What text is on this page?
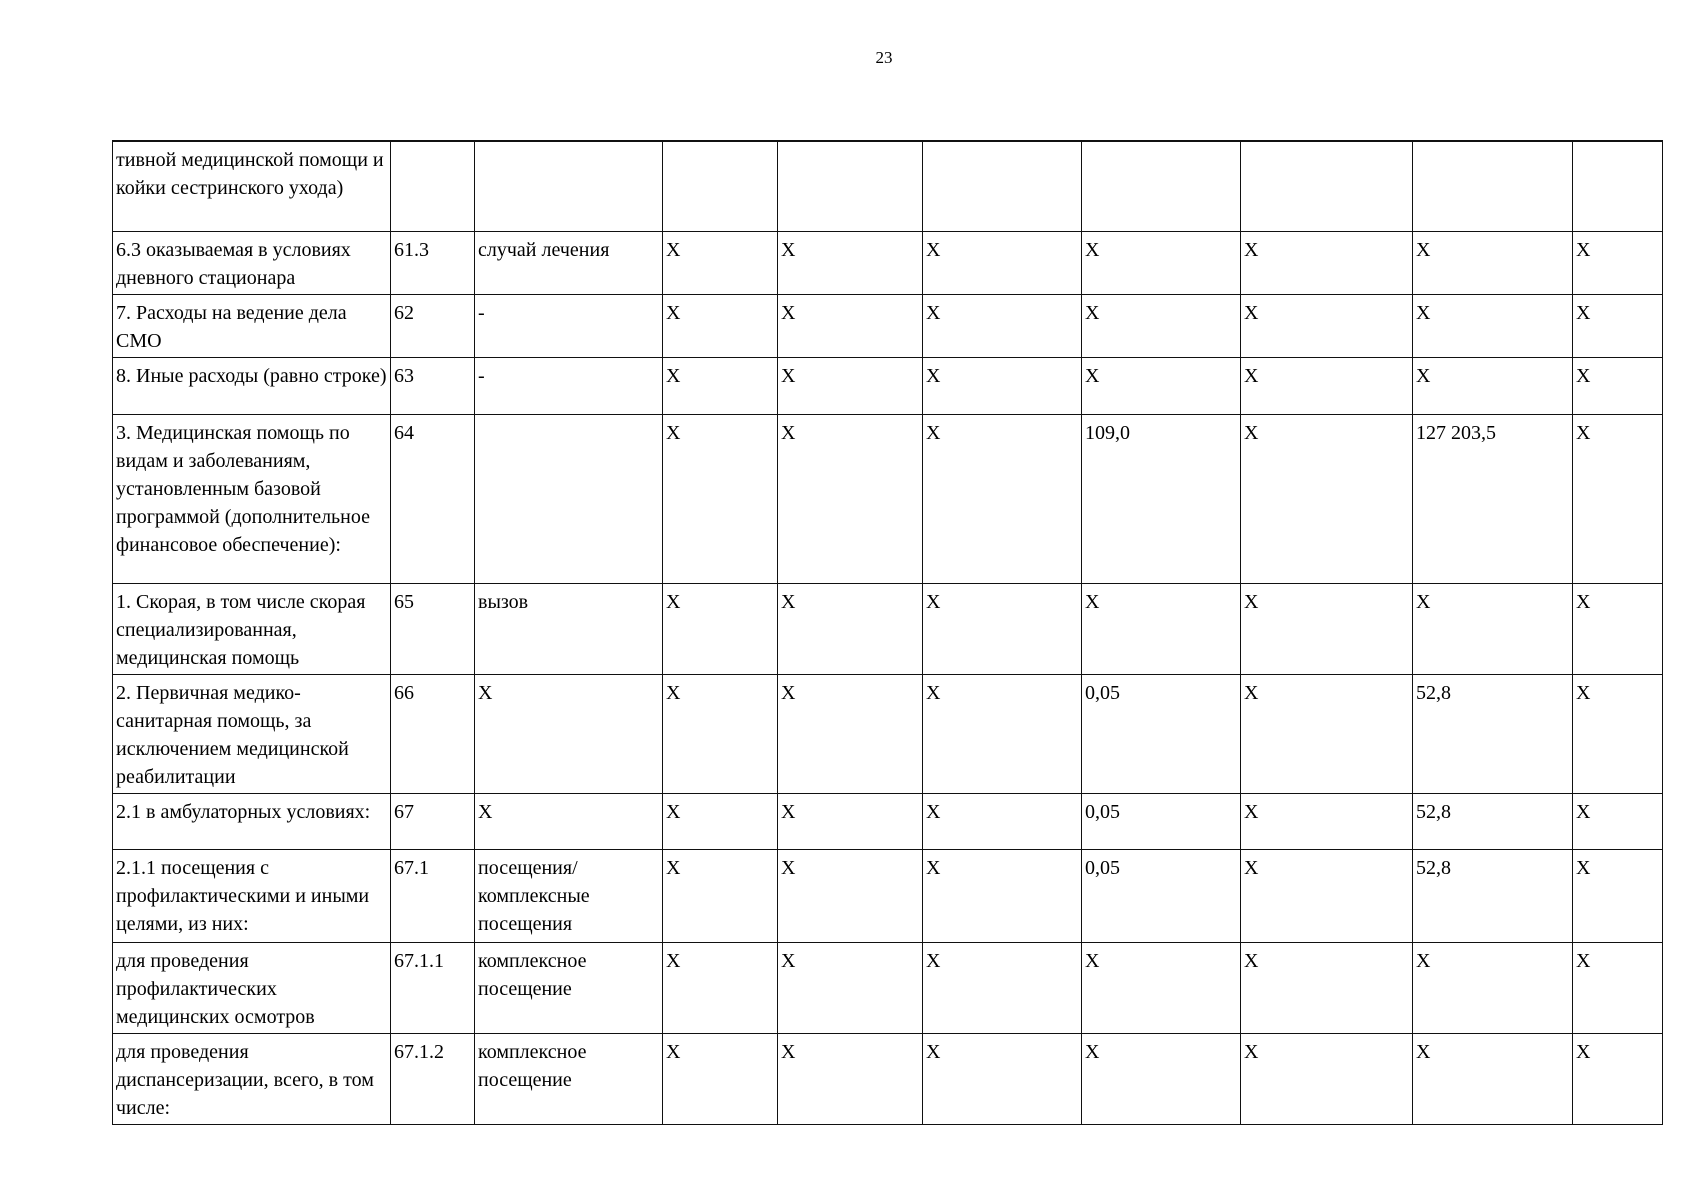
23
тивной медицинской помощи и койки сестринского ухода)									
6.3 оказываемая в условиях дневного стационара	61.3	случай лечения	X	X	X	X	X	X	X
7. Расходы на ведение дела СМО	62	-	X	X	X	X	X	X	X
8. Иные расходы (равно строке)	63	-	X	X	X	X	X	X	X
3. Медицинская помощь по видам и заболеваниям, установленным базовой программой (дополнительное финансовое обеспечение):	64		X	X	X	109,0	X	127 203,5	X
1. Скорая, в том числе скорая специализированная, медицинская помощь	65	вызов	X	X	X	X	X	X	X
2. Первичная медико-санитарная помощь, за исключением медицинской реабилитации	66	X	X	X	X	0,05	X	52,8	X
2.1 в амбулаторных условиях:	67	X	X	X	X	0,05	X	52,8	X
2.1.1 посещения с профилактическими и иными целями, из них:	67.1	посещения/комплексные посещения	X	X	X	0,05	X	52,8	X
для проведения профилактических медицинских осмотров	67.1.1	комплексное посещение	X	X	X	X	X	X	X
для проведения диспансеризации, всего, в том числе:	67.1.2	комплексное посещение	X	X	X	X	X	X	X
